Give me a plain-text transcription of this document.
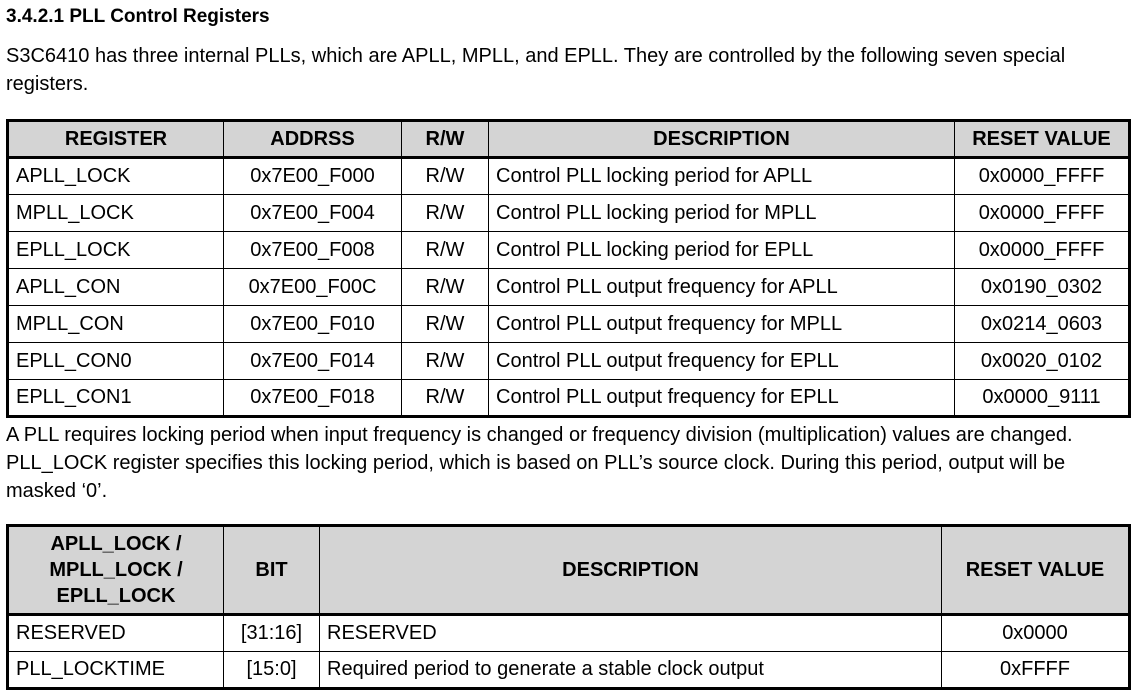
3.4.2.1 PLL Control Registers
S3C6410 has three internal PLLs, which are APLL, MPLL, and EPLL. They are controlled by the following seven special registers.
REGISTER	ADDRSS	R/W	DESCRIPTION	RESET VALUE
APLL_LOCK	0x7E00_F000	R/W	Control PLL locking period for APLL	0x0000_FFFF
MPLL_LOCK	0x7E00_F004	R/W	Control PLL locking period for MPLL	0x0000_FFFF
EPLL_LOCK	0x7E00_F008	R/W	Control PLL locking period for EPLL	0x0000_FFFF
APLL_CON	0x7E00_F00C	R/W	Control PLL output frequency for APLL	0x0190_0302
MPLL_CON	0x7E00_F010	R/W	Control PLL output frequency for MPLL	0x0214_0603
EPLL_CON0	0x7E00_F014	R/W	Control PLL output frequency for EPLL	0x0020_0102
EPLL_CON1	0x7E00_F018	R/W	Control PLL output frequency for EPLL	0x0000_9111
A PLL requires locking period when input frequency is changed or frequency division (multiplication) values are changed. PLL_LOCK register specifies this locking period, which is based on PLL’s source clock. During this period, output will be masked ‘0’.
APLL_LOCK / MPLL_LOCK / EPLL_LOCK	BIT	DESCRIPTION	RESET VALUE
RESERVED	[31:16]	RESERVED	0x0000
PLL_LOCKTIME	[15:0]	Required period to generate a stable clock output	0xFFFF
